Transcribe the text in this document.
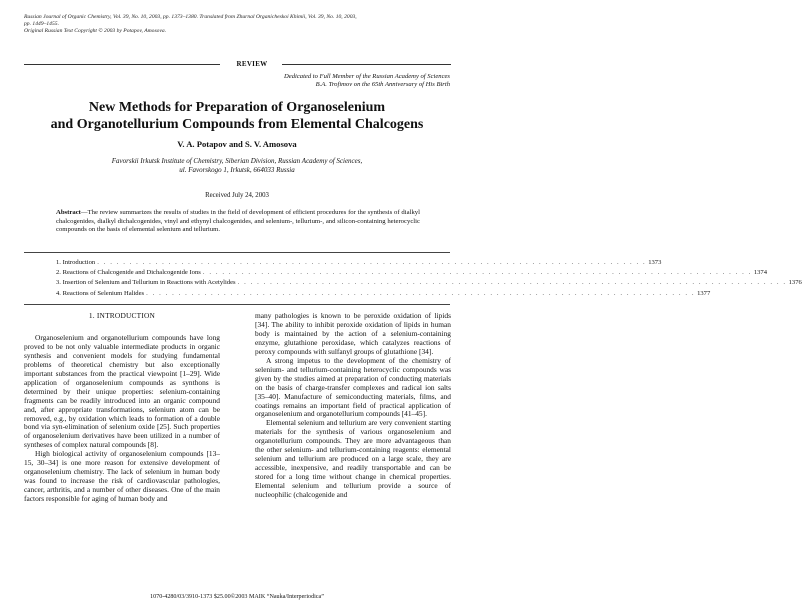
Russian Journal of Organic Chemistry, Vol. 39, No. 10, 2003, pp. 1373–1380. Translated from Zhurnal Organicheskoi Khimii, Vol. 39, No. 10, 2003,
pp. 1449–1455.
Original Russian Text Copyright © 2003 by Potapov, Amosova.
REVIEW
Dedicated to Full Member of the Russian Academy of Sciences
B.A. Trofimov on the 65th Anniversary of His Birth
New Methods for Preparation of Organoselenium
and Organotellurium Compounds from Elemental Chalcogens
V. A. Potapov and S. V. Amosova
Favorskii Irkutsk Institute of Chemistry, Siberian Division, Russian Academy of Sciences,
ul. Favorskogo 1, Irkutsk, 664033 Russia
Received July 24, 2003
Abstract—The review summarizes the results of studies in the field of development of efficient procedures for the synthesis of dialkyl chalcogenides, dialkyl dichalcogenides, vinyl and ethynyl chalcogenides, and selenium-, tellurium-, and silicon-containing heterocyclic compounds on the basis of elemental selenium and tellurium.
1. Introduction . . . . . . . . . . . . . . . . . . . . . . . . . . . . . . . . . . . . . . . . . . . . . . . . . . . . . . . . . . . . . . . . . . . . . . . . . . . . . . . . . . . . . 1373
2. Reactions of Chalcogenide and Dichalcogenide Ions . . . . . . . . . . . . . . . . . . . . . . . . . . . . . . . . . . . . . . . . . . . . . . . . . . . . . . . . . . . . . . . . . . . . . . . . . . . . . . . . . . . . . 1374
3. Insertion of Selenium and Tellurium in Reactions with Acetylides . . . . . . . . . . . . . . . . . . . . . . . . . . . . . . . . . . . . . . . . . . . . . . . . . . . . . . . . . . . . . . . . . . . . . . . . . . . . . . . . . . . . . 1376
4. Reactions of Selenium Halides . . . . . . . . . . . . . . . . . . . . . . . . . . . . . . . . . . . . . . . . . . . . . . . . . . . . . . . . . . . . . . . . . . . . . . . . . . . . . . . . . . . . . 1377
1. INTRODUCTION

Organoselenium and organotellurium compounds have long proved to be not only valuable intermediate products in organic synthesis and convenient models for studying fundamental problems of theoretical chemistry but also exceptionally important substances from the practical viewpoint [1–29]. Wide application of organoselenium compounds as synthons is determined by their unique properties: selenium-containing fragments can be readily introduced into an organic compound and, after appropriate transformations, selenium atom can be removed, e.g., by oxidation which leads to formation of a double bond via syn-elimination of selenium oxide [25]. Such properties of organoselenium derivatives have been utilized in a number of syntheses of complex natural compounds [8].

High biological activity of organoselenium compounds [13–15, 30–34] is one more reason for extensive development of organoselenium chemistry. The lack of selenium in human body was found to increase the risk of cardiovascular pathologies, cancer, arthritis, and a number of other diseases. One of the main factors responsible for aging of human body and

many pathologies is known to be peroxide oxidation of lipids [34]. The ability to inhibit peroxide oxidation of lipids in human body is maintained by the action of a selenium-containing enzyme, glutathione peroxidase, which catalyzes reactions of peroxy compounds with sulfanyl groups of glutathione [34].

A strong impetus to the development of the chemistry of selenium- and tellurium-containing heterocyclic compounds was given by the studies aimed at preparation of conducting materials on the basis of charge-transfer complexes and radical ion salts [35–40]. Manufacture of semiconducting materials, films, and coatings remains an important field of practical application of organoselenium and organotellurium compounds [41–45].

Elemental selenium and tellurium are very convenient starting materials for the synthesis of various organoselenium and organotellurium compounds. They are more advantageous than the other selenium- and tellurium-containing reagents: elemental selenium and tellurium are produced on a large scale, they are accessible, inexpensive, and readily transportable and can be stored for a long time without change in chemical properties. Elemental selenium and tellurium provide a source of nucleophilic (chalcogenide and

1070-4280/03/3910-1373 $25.00©2003 MAIK “Nauka/Interperiodica”
